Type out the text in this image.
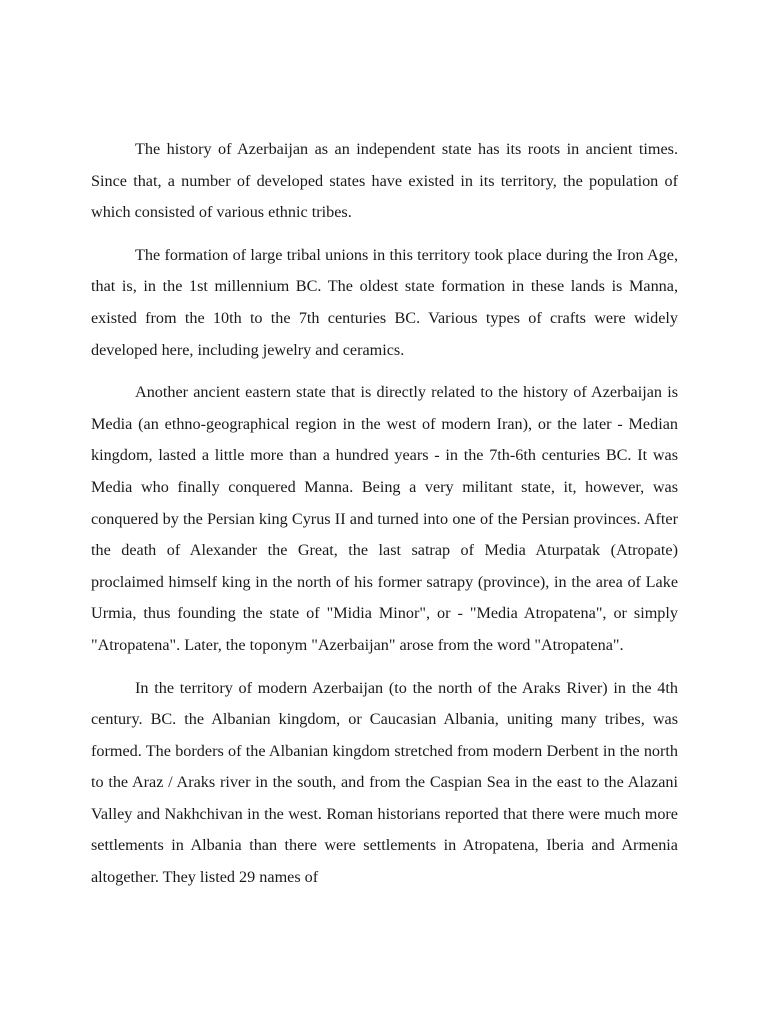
The history of Azerbaijan as an independent state has its roots in ancient times. Since that, a number of developed states have existed in its territory, the population of which consisted of various ethnic tribes.

The formation of large tribal unions in this territory took place during the Iron Age, that is, in the 1st millennium BC. The oldest state formation in these lands is Manna, existed from the 10th to the 7th centuries BC. Various types of crafts were widely developed here, including jewelry and ceramics.

Another ancient eastern state that is directly related to the history of Azerbaijan is Media (an ethno-geographical region in the west of modern Iran), or the later - Median kingdom, lasted a little more than a hundred years - in the 7th-6th centuries BC. It was Media who finally conquered Manna. Being a very militant state, it, however, was conquered by the Persian king Cyrus II and turned into one of the Persian provinces. After the death of Alexander the Great, the last satrap of Media Aturpatak (Atropate) proclaimed himself king in the north of his former satrapy (province), in the area of Lake Urmia, thus founding the state of "Midia Minor", or - "Media Atropatena", or simply "Atropatena". Later, the toponym "Azerbaijan" arose from the word "Atropatena".

In the territory of modern Azerbaijan (to the north of the Araks River) in the 4th century. BC. the Albanian kingdom, or Caucasian Albania, uniting many tribes, was formed. The borders of the Albanian kingdom stretched from modern Derbent in the north to the Araz / Araks river in the south, and from the Caspian Sea in the east to the Alazani Valley and Nakhchivan in the west. Roman historians reported that there were much more settlements in Albania than there were settlements in Atropatena, Iberia and Armenia altogether. They listed 29 names of
